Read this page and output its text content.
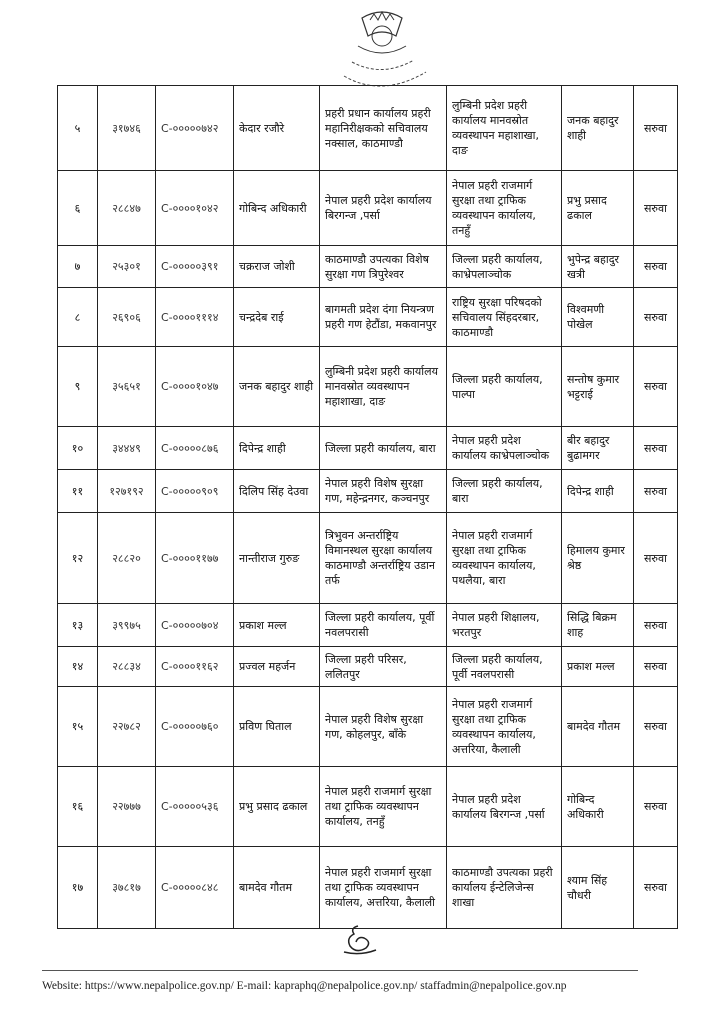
५	३१७४६	C-०००००७४२	केदार रजौरे	प्रहरी प्रधान कार्यालय प्रहरी महानिरीक्षकको सचिवालय नक्साल, काठमाण्डौ	लुम्बिनी प्रदेश प्रहरी कार्यालय मानवस्रोत व्यवस्थापन महाशाखा, दाङ	जनक बहादुर शाही	सरुवा
६	२८८४७	C-००००१०४२	गोबिन्द अधिकारी	नेपाल प्रहरी प्रदेश कार्यालय बिरगन्ज ,पर्सा	नेपाल प्रहरी राजमार्ग सुरक्षा तथा ट्राफिक व्यवस्थापन कार्यालय, तनहुँ	प्रभु प्रसाद ढकाल	सरुवा
७	२५३०१	C-०००००३९१	चक्रराज जोशी	काठमाण्डौ उपत्यका विशेष सुरक्षा गण त्रिपुरेश्वर	जिल्ला प्रहरी कार्यालय, काभ्रेपलाञ्चोक	भुपेन्द्र बहादुर खत्री	सरुवा
८	२६९०६	C-००००१११४	चन्द्रदेब राई	बागमती प्रदेश दंगा नियन्त्रण प्रहरी गण हेटौंडा, मकवानपुर	राष्ट्रिय सुरक्षा परिषदको सचिवालय सिंहदरबार, काठमाण्डौ	विश्वमणी पोखेल	सरुवा
९	३५६५१	C-००००१०४७	जनक बहादुर शाही	लुम्बिनी प्रदेश प्रहरी कार्यालय मानवस्रोत व्यवस्थापन महाशाखा, दाङ	जिल्ला प्रहरी कार्यालय, पाल्पा	सन्तोष कुमार भट्टराई	सरुवा
१०	३४४४९	C-०००००८७६	दिपेन्द्र शाही	जिल्ला प्रहरी कार्यालय, बारा	नेपाल प्रहरी प्रदेश कार्यालय काभ्रेपलाञ्चोक	बीर बहादुर बुढामगर	सरुवा
११	१२७१९२	C-०००००९०९	दिलिप सिंह देउवा	नेपाल प्रहरी विशेष सुरक्षा गण, महेन्द्रनगर, कञ्चनपुर	जिल्ला प्रहरी कार्यालय, बारा	दिपेन्द्र शाही	सरुवा
१२	२८८२०	C-००००११७७	नान्तीराज गुरुङ	त्रिभुवन अन्तर्राष्ट्रिय विमानस्थल सुरक्षा कार्यालय काठमाण्डौ अन्तर्राष्ट्रिय उडान तर्फ	नेपाल प्रहरी राजमार्ग सुरक्षा तथा ट्राफिक व्यवस्थापन कार्यालय, पथलैया, बारा	हिमालय कुमार श्रेष्ठ	सरुवा
१३	३९९७५	C-०००००७०४	प्रकाश मल्ल	जिल्ला प्रहरी कार्यालय, पूर्वी नवलपरासी	नेपाल प्रहरी शिक्षालय, भरतपुर	सिद्धि बिक्रम शाह	सरुवा
१४	२८८३४	C-००००११६२	प्रज्वल महर्जन	जिल्ला प्रहरी परिसर, ललितपुर	जिल्ला प्रहरी कार्यालय, पूर्वी नवलपरासी	प्रकाश मल्ल	सरुवा
१५	२२७८२	C-०००००७६०	प्रविण घिताल	नेपाल प्रहरी विशेष सुरक्षा गण, कोहलपुर, बाँके	नेपाल प्रहरी राजमार्ग सुरक्षा तथा ट्राफिक व्यवस्थापन कार्यालय, अत्तरिया, कैलाली	बामदेव गौतम	सरुवा
१६	२२७७७	C-०००००५३६	प्रभु प्रसाद ढकाल	नेपाल प्रहरी राजमार्ग सुरक्षा तथा ट्राफिक व्यवस्थापन कार्यालय, तनहुँ	नेपाल प्रहरी प्रदेश कार्यालय बिरगन्ज ,पर्सा	गोबिन्द अधिकारी	सरुवा
१७	३७८१७	C-०००००८४८	बामदेव गौतम	नेपाल प्रहरी राजमार्ग सुरक्षा तथा ट्राफिक व्यवस्थापन कार्यालय, अत्तरिया, कैलाली	काठमाण्डौ उपत्यका प्रहरी कार्यालय ईन्टेलिजेन्स शाखा	श्याम सिंह चौधरी	सरुवा
Website: https://www.nepalpolice.gov.np/ E-mail: kapraphq@nepalpolice.gov.np/ staffadmin@nepalpolice.gov.np
